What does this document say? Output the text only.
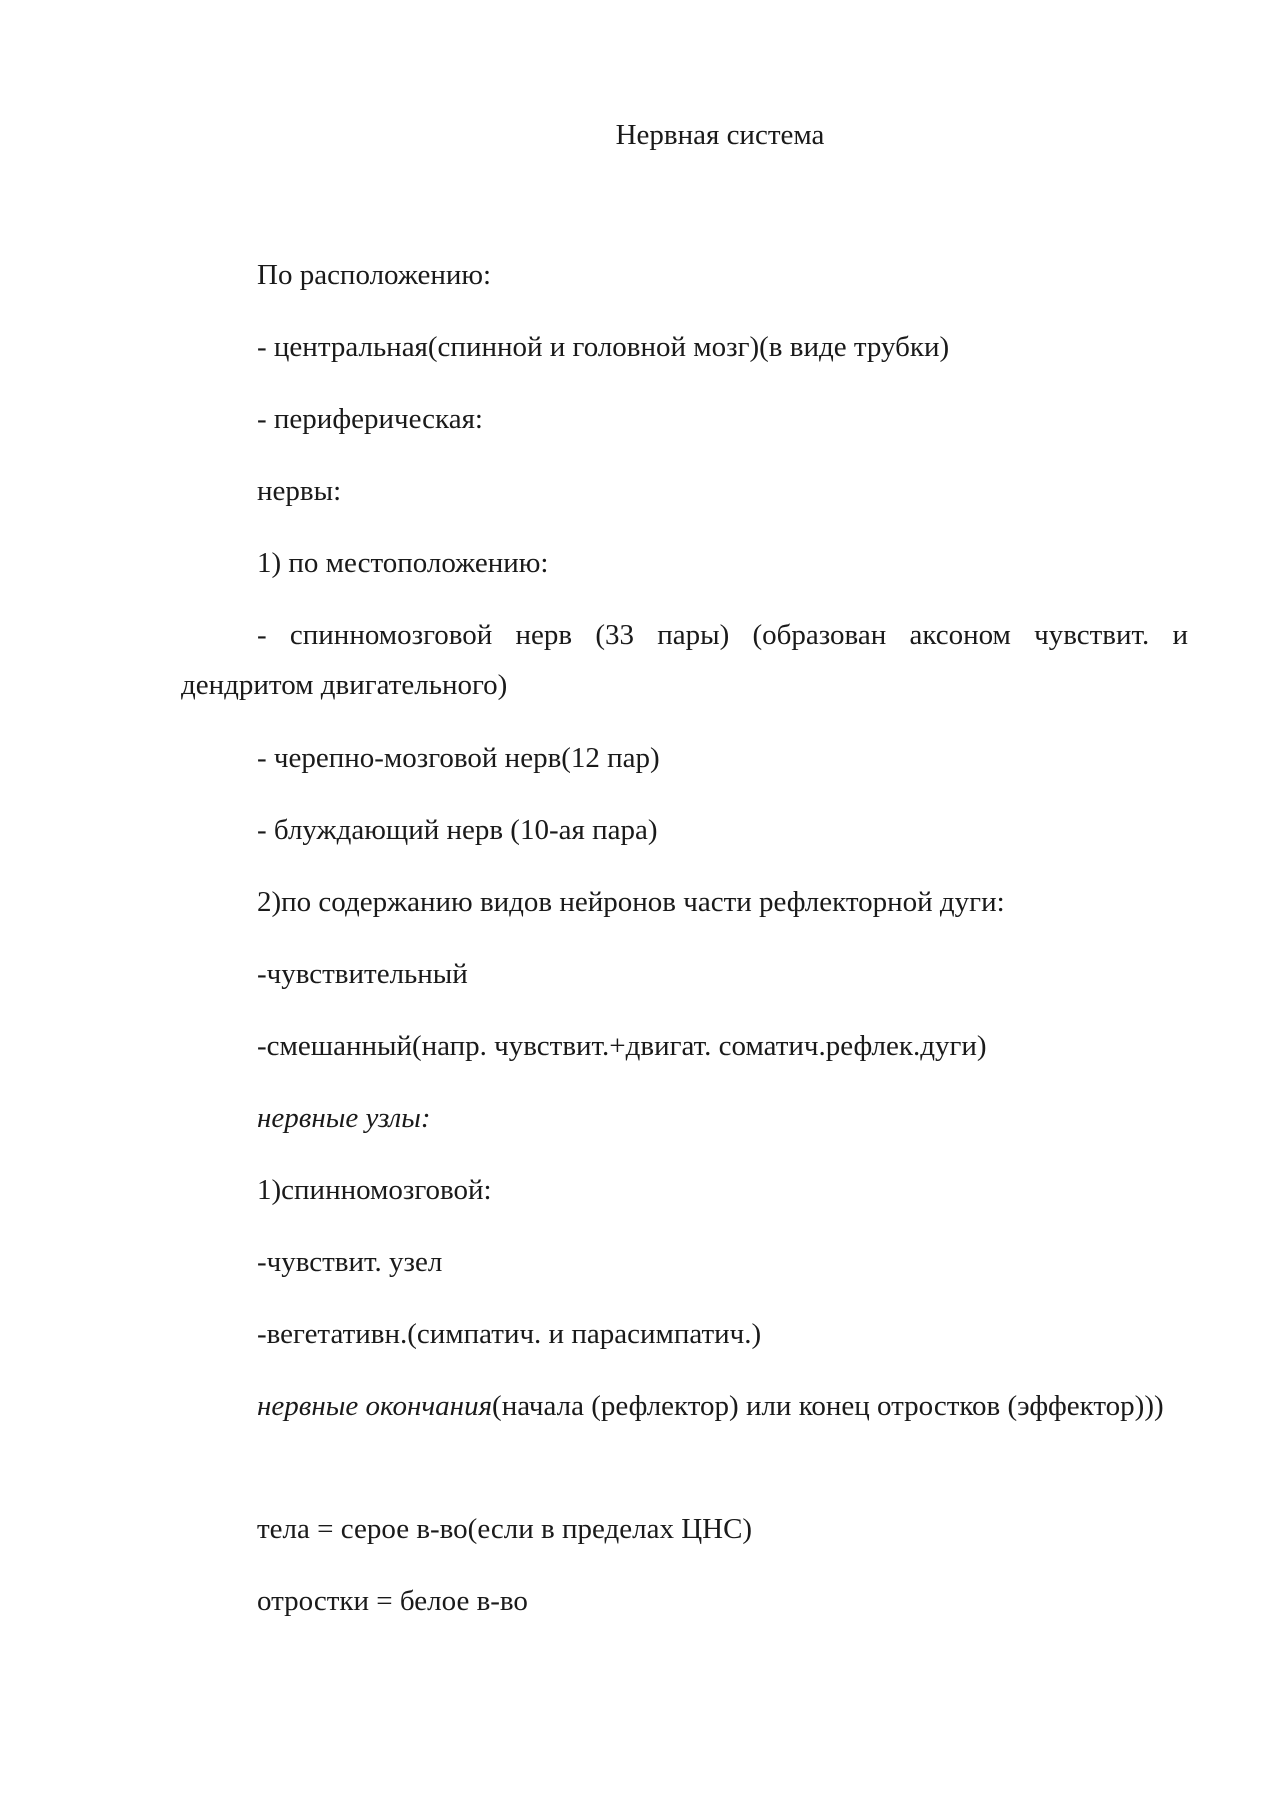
Нервная система
По расположению:
- центральная(спинной и головной мозг)(в виде трубки)
- периферическая:
нервы:
1) по местоположению:
- спинномозговой нерв (33 пары) (образован аксоном чувствит. и дендритом двигательного)
- черепно-мозговой нерв(12 пар)
- блуждающий нерв (10-ая пара)
2)по содержанию видов нейронов части рефлекторной дуги:
-чувствительный
-смешанный(напр. чувствит.+двигат. соматич.рефлек.дуги)
нервные узлы:
1)спинномозговой:
-чувствит. узел
-вегетативн.(симпатич. и парасимпатич.)
нервные окончания(начала (рефлектор) или конец отростков (эффектор)))
тела = серое в-во(если в пределах ЦНС)
отростки = белое в-во
